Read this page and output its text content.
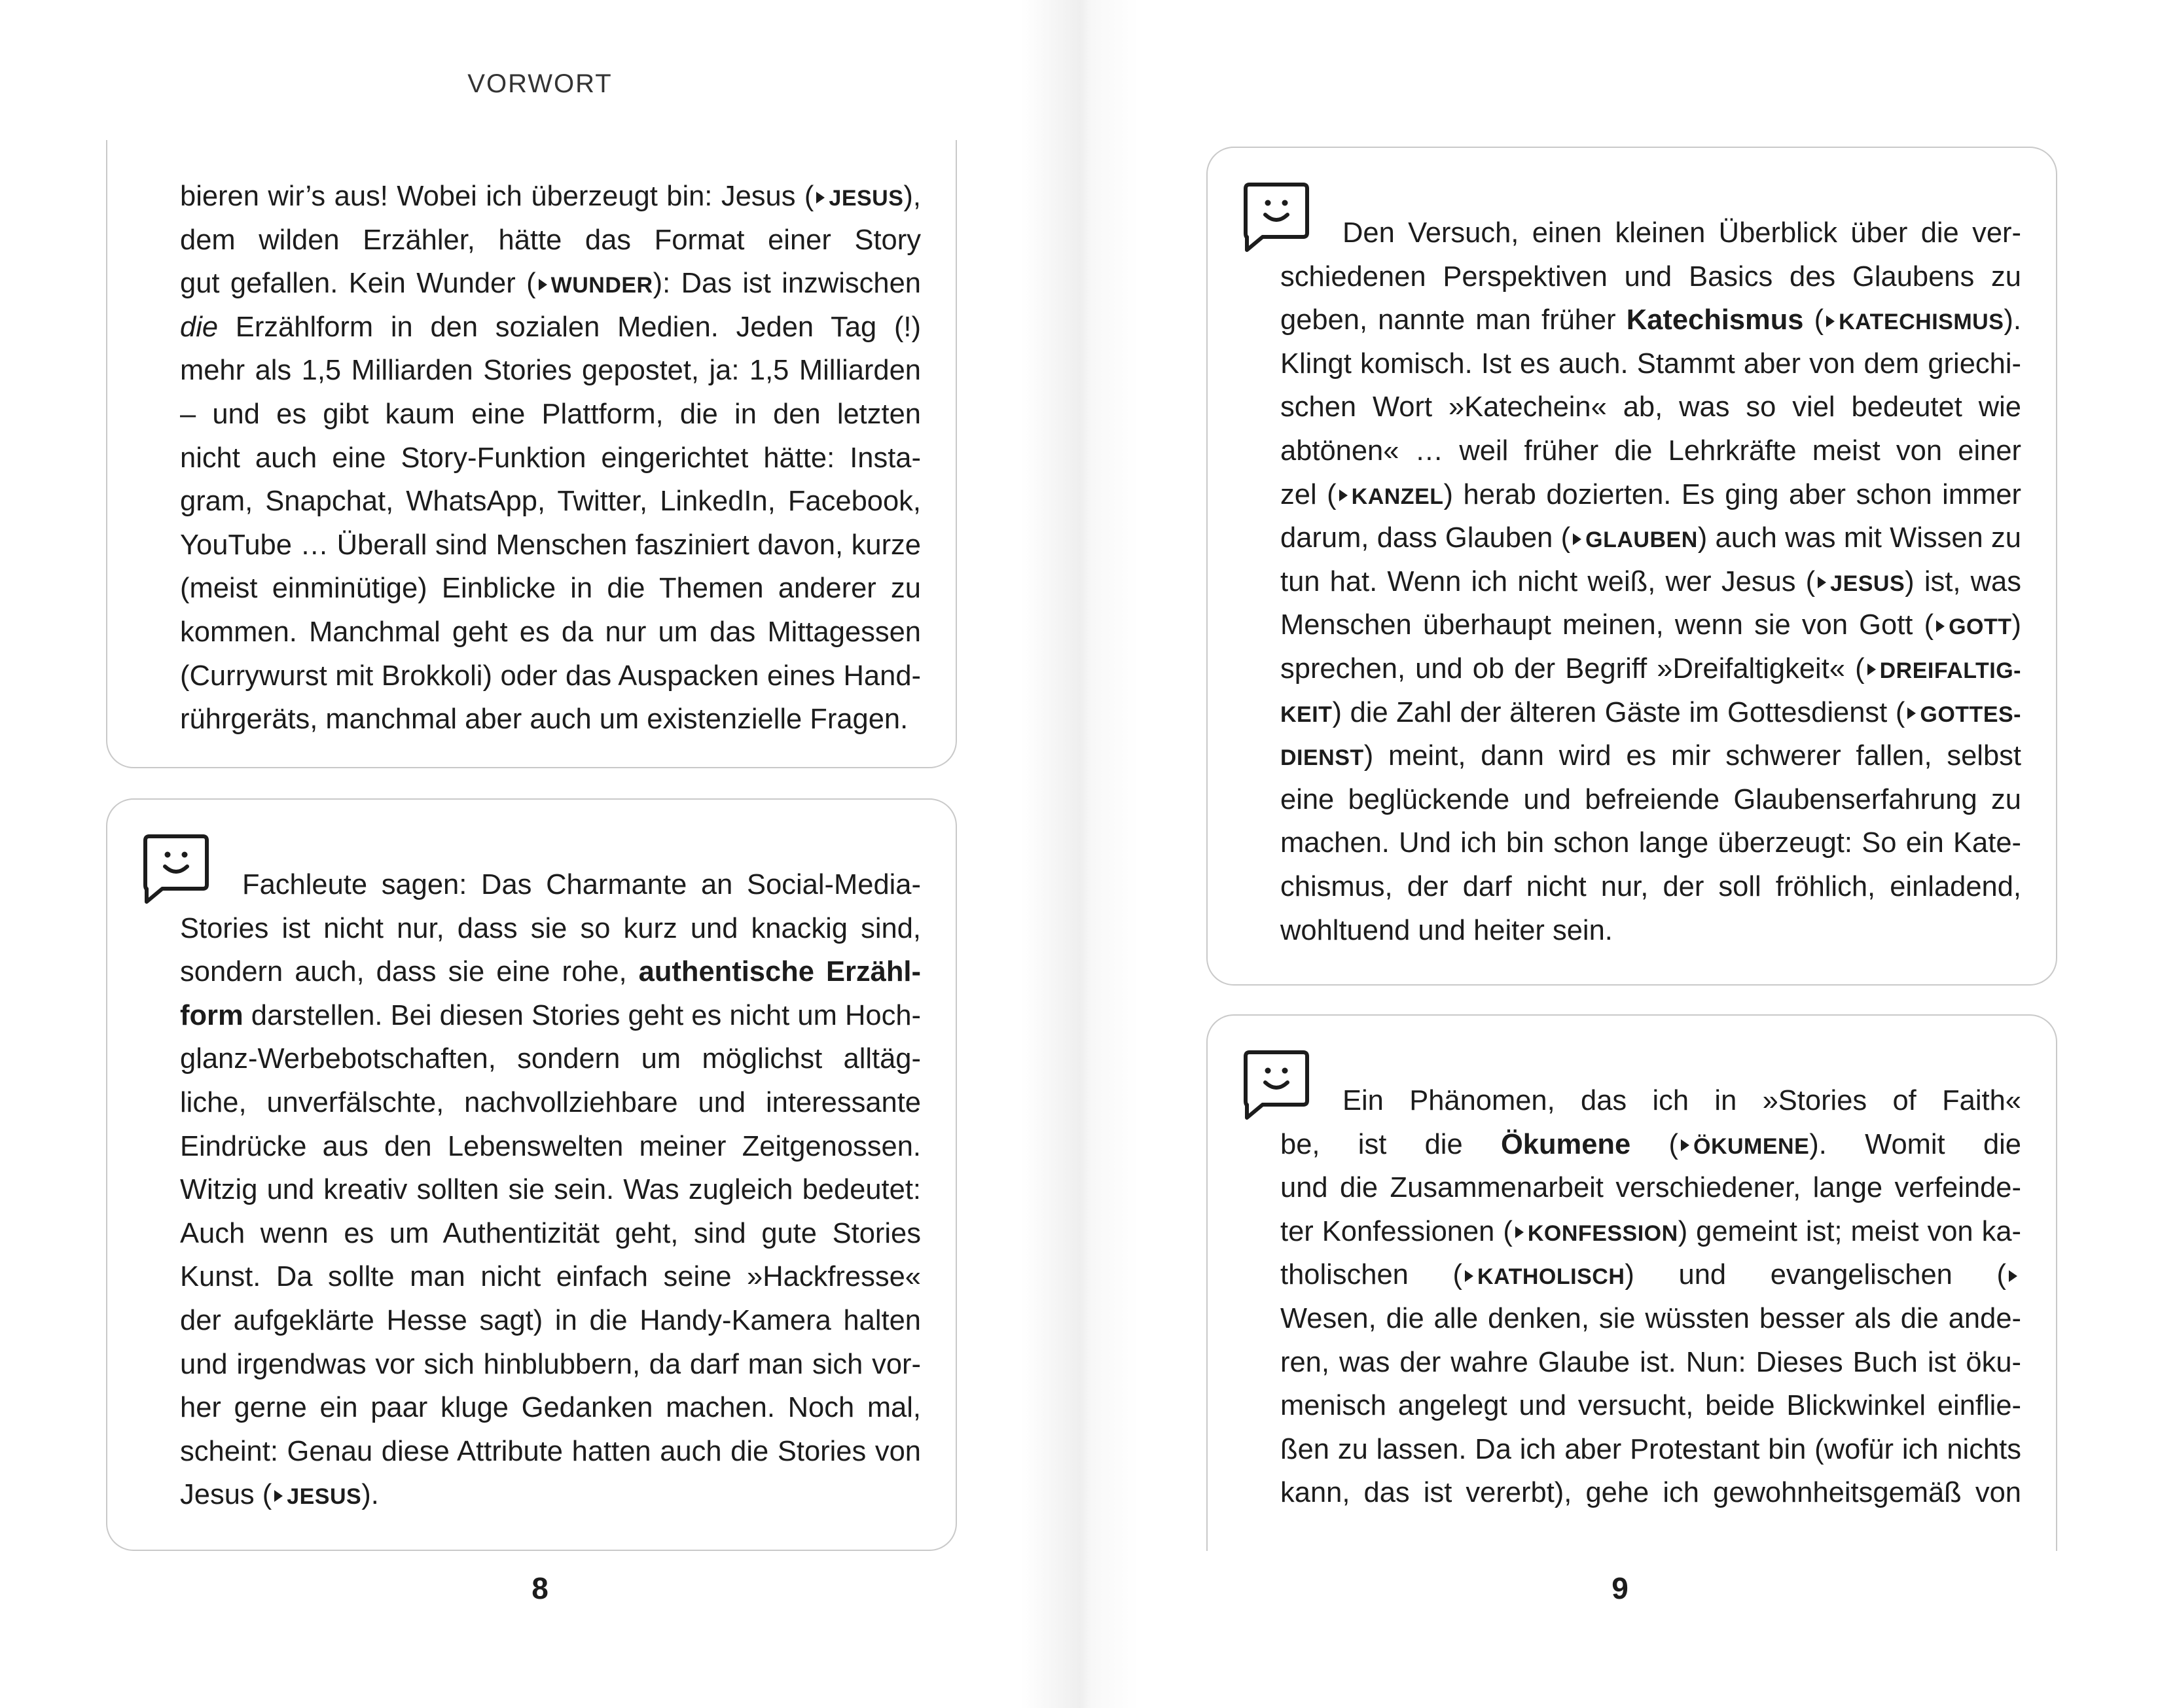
VORWORT
bieren wir’s aus! Wobei ich überzeugt bin: Jesus ( JESUS),
dem wilden Erzähler, hätte das Format einer Story
gut gefallen. Kein Wunder ( WUNDER): Das ist inzwischen
die Erzählform in den sozialen Medien. Jeden Tag (!)
mehr als 1,5 Milliarden Stories gepostet, ja: 1,5 Milliarden
– und es gibt kaum eine Plattform, die in den letzten
nicht auch eine Story-Funktion eingerichtet hätte: Insta-
gram, Snapchat, WhatsApp, Twitter, LinkedIn, Facebook,
YouTube … Überall sind Menschen fasziniert davon, kurze
(meist einminütige) Einblicke in die Themen anderer zu
kommen. Manchmal geht es da nur um das Mittagessen
(Currywurst mit Brokkoli) oder das Auspacken eines Hand-
rührgeräts, manchmal aber auch um existenzielle Fragen.
Fachleute sagen: Das Charmante an Social-Media-
Stories ist nicht nur, dass sie so kurz und knackig sind,
sondern auch, dass sie eine rohe, authentische Erzähl-
form darstellen. Bei diesen Stories geht es nicht um Hoch-
glanz-Werbebotschaften, sondern um möglichst alltäg-
liche, unverfälschte, nachvollziehbare und interessante
Eindrücke aus den Lebenswelten meiner Zeitgenossen.
Witzig und kreativ sollten sie sein. Was zugleich bedeutet:
Auch wenn es um Authentizität geht, sind gute Stories
Kunst. Da sollte man nicht einfach seine »Hackfresse«
der aufgeklärte Hesse sagt) in die Handy-Kamera halten
und irgendwas vor sich hinblubbern, da darf man sich vor-
her gerne ein paar kluge Gedanken machen. Noch mal,
scheint: Genau diese Attribute hatten auch die Stories von
Jesus ( JESUS).
8
Den Versuch, einen kleinen Überblick über die ver-
schiedenen Perspektiven und Basics des Glaubens zu
geben, nannte man früher Katechismus ( KATECHISMUS).
Klingt komisch. Ist es auch. Stammt aber von dem griechi-
schen Wort »Katechein« ab, was so viel bedeutet wie
abtönen« … weil früher die Lehrkräfte meist von einer
zel ( KANZEL) herab dozierten. Es ging aber schon immer
darum, dass Glauben ( GLAUBEN) auch was mit Wissen zu
tun hat. Wenn ich nicht weiß, wer Jesus ( JESUS) ist, was
Menschen überhaupt meinen, wenn sie von Gott ( GOTT)
sprechen, und ob der Begriff »Dreifaltigkeit« ( DREIFALTIG-
KEIT) die Zahl der älteren Gäste im Gottesdienst ( GOTTES-
DIENST) meint, dann wird es mir schwerer fallen, selbst
eine beglückende und befreiende Glaubenserfahrung zu
machen. Und ich bin schon lange überzeugt: So ein Kate-
chismus, der darf nicht nur, der soll fröhlich, einladend,
wohltuend und heiter sein.
Ein Phänomen, das ich in »Stories of Faith«
be, ist die Ökumene ( ÖKUMENE). Womit die
und die Zusammenarbeit verschiedener, lange verfeinde-
ter Konfessionen ( KONFESSION) gemeint ist; meist von ka-
tholischen ( KATHOLISCH) und evangelischen (
Wesen, die alle denken, sie wüssten besser als die ande-
ren, was der wahre Glaube ist. Nun: Dieses Buch ist öku-
menisch angelegt und versucht, beide Blickwinkel einflie-
ßen zu lassen. Da ich aber Protestant bin (wofür ich nichts
kann, das ist vererbt), gehe ich gewohnheitsgemäß von
9
